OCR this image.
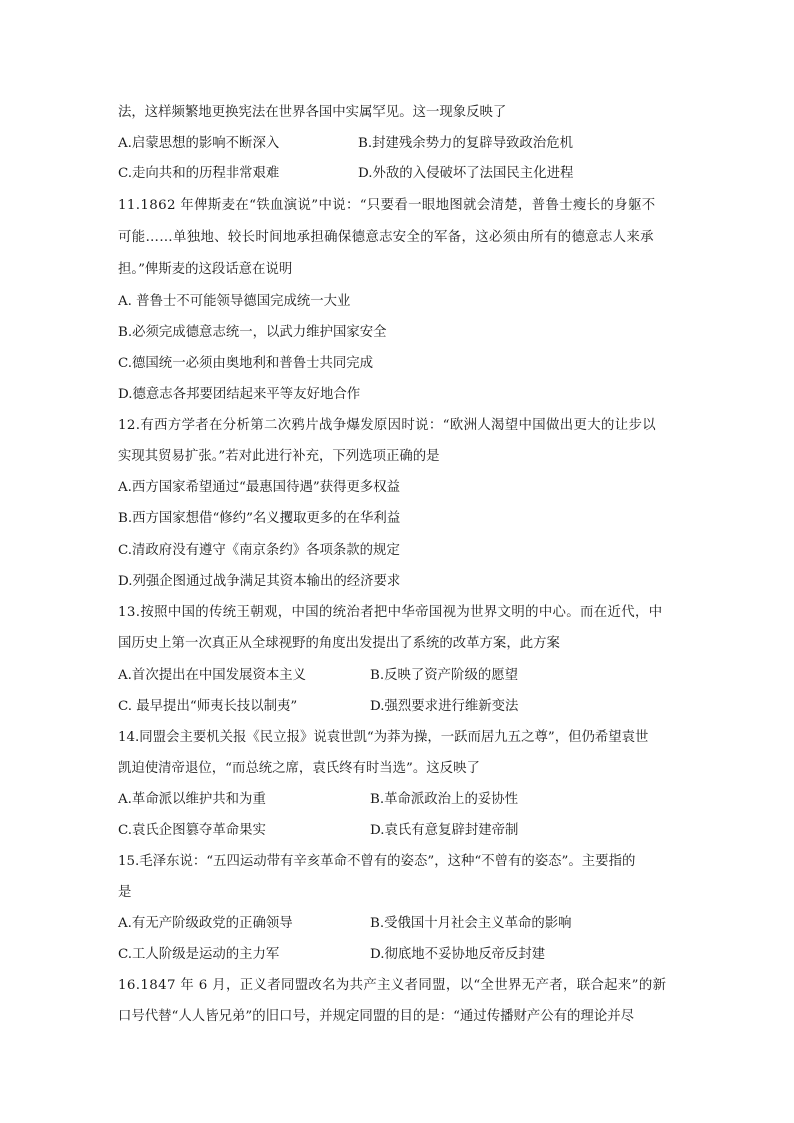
法，这样频繁地更换宪法在世界各国中实属罕见。这一现象反映了
A.启蒙思想的影响不断深入	B.封建残余势力的复辟导致政治危机
C.走向共和的历程非常艰难	D.外敌的入侵破坏了法国民主化进程
11.1862 年俾斯麦在“铁血演说”中说：“只要看一眼地图就会清楚，普鲁士瘦长的身躯不
可能……单独地、较长时间地承担确保德意志安全的军备，这必须由所有的德意志人来承
担。”俾斯麦的这段话意在说明
A. 普鲁士不可能领导德国完成统一大业
B.必须完成德意志统一，以武力维护国家安全
C.德国统一必须由奥地利和普鲁士共同完成
D.德意志各邦要团结起来平等友好地合作
12.有西方学者在分析第二次鸦片战争爆发原因时说：“欧洲人渴望中国做出更大的让步以
实现其贸易扩张。”若对此进行补充，下列选项正确的是
A.西方国家希望通过“最惠国待遇”获得更多权益
B.西方国家想借“修约”名义攫取更多的在华利益
C.清政府没有遵守《南京条约》各项条款的规定
D.列强企图通过战争满足其资本输出的经济要求
13.按照中国的传统王朝观，中国的统治者把中华帝国视为世界文明的中心。而在近代，中
国历史上第一次真正从全球视野的角度出发提出了系统的改革方案，此方案
A.首次提出在中国发展资本主义	B.反映了资产阶级的愿望
C. 最早提出“师夷长技以制夷”	D.强烈要求进行维新变法
14.同盟会主要机关报《民立报》说袁世凯“为莽为操，一跃而居九五之尊”，但仍希望袁世
凯迫使清帝退位，“而总统之席，袁氏终有时当选”。这反映了
A.革命派以维护共和为重	B.革命派政治上的妥协性
C.袁氏企图篡夺革命果实	D.袁氏有意复辟封建帝制
15.毛泽东说：“五四运动带有辛亥革命不曾有的姿态”，这种“不曾有的姿态”。主要指的
是
A.有无产阶级政党的正确领导	B.受俄国十月社会主义革命的影响
C.工人阶级是运动的主力军	D.彻底地不妥协地反帝反封建
16.1847 年 6 月，正义者同盟改名为共产主义者同盟，以“全世界无产者，联合起来”的新
口号代替“人人皆兄弟”的旧口号，并规定同盟的目的是：“通过传播财产公有的理论并尽
